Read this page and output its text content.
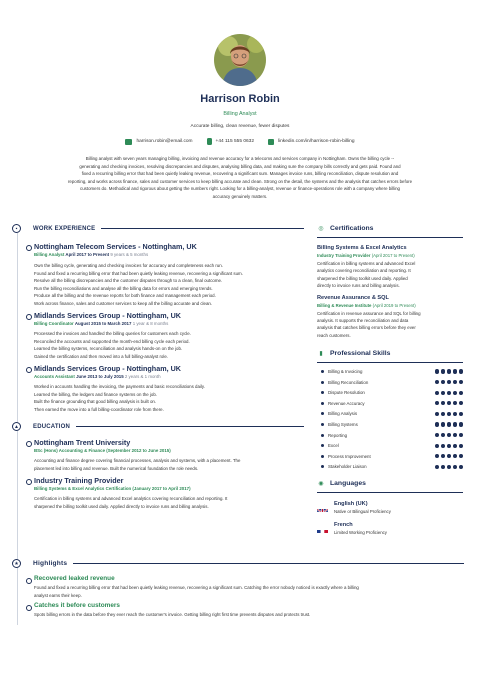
Harrison Robin
Billing Analyst
Accurate billing, clean revenue, fewer disputes
harrison.robin@email.com	+44 115 555 0632	linkedin.com/in/harrison-robin-billing
Billing analyst with seven years managing billing, invoicing and revenue accuracy for a telecoms and services company in Nottingham. Owns the billing cycle --
generating and checking invoices, resolving discrepancies and disputes, analysing billing data, and making sure the company bills correctly and gets paid. Found and
fixed a recurring billing error that had been quietly leaking revenue, recovering a significant sum. Manages invoice runs, billing reconciliation, dispute resolution and
reporting, and works across finance, sales and customer services to keep billing accurate and clean. Strong on the detail, the systems and the analysis that catches errors before
customers do. Methodical and rigorous about getting the numbers right. Looking for a billing-analyst, revenue or finance-operations role with a company where billing
accuracy genuinely matters.
▪	WORK EXPERIENCE
Nottingham Telecom Services - Nottingham, UK
Billing Analyst April 2017 to Present 9 years & 5 months
Own the billing cycle, generating and checking invoices for accuracy and completeness each run.
Found and fixed a recurring billing error that had been quietly leaking revenue, recovering a significant sum.
Resolve all the billing discrepancies and the customer disputes through to a clean, final outcome.
Run the billing reconciliations and analyse all the billing data for errors and emerging trends.
Produce all the billing and the revenue reports for both finance and management each period.
Work across finance, sales and customer services to keep all the billing accurate and clean.
Midlands Services Group - Nottingham, UK
Billing Coordinator August 2015 to March 2017 1 year & 8 months
Processed the invoices and handled the billing queries for customers each cycle.
Reconciled the accounts and supported the month-end billing cycle each period.
Learned the billing systems, reconciliation and analysis hands-on on the job.
Gained the certification and then moved into a full billing-analyst role.
Midlands Services Group - Nottingham, UK
Accounts Assistant June 2013 to July 2015 2 years & 1 month
Worked in accounts handling the invoicing, the payments and basic reconciliations daily.
Learned the billing, the ledgers and finance systems on the job.
Built the finance grounding that good billing analysis is built on.
Then earned the move into a full billing-coordinator role from there.
▲	EDUCATION
Nottingham Trent University
BSc (Hons) Accounting & Finance (September 2012 to June 2015)
Accounting and finance degree covering financial processes, analysis and systems, with a placement. The
placement led into billing and revenue. Built the numerical foundation the role needs.
Industry Training Provider
Billing Systems & Excel Analytics Certification (January 2017 to April 2017)
Certification in billing systems and advanced Excel analytics covering reconciliation and reporting. It
sharpened the billing toolkit used daily. Applied directly to invoice runs and billing analysis.
★	Highlights
Recovered leaked revenue
Found and fixed a recurring billing error that had been quietly leaking revenue, recovering a significant sum. Catching the error nobody noticed is exactly where a billing
analyst earns their keep.
Catches it before customers
Spots billing errors in the data before they ever reach the customer's invoice. Getting billing right first time prevents disputes and protects trust.
◎ Certifications
Billing Systems & Excel Analytics
Industry Training Provider (April 2017 to Present)
Certification in billing systems and advanced Excel
analytics covering reconciliation and reporting. It
sharpened the billing toolkit used daily. Applied
directly to invoice runs and billing analysis.
Revenue Assurance & SQL
Billing & Revenue Institute (April 2019 to Present)
Certification in revenue assurance and SQL for billing
analysis. It supports the reconciliation and data
analysis that catches billing errors before they ever
reach customers.
▮	Professional Skills
Billing & Invoicing
Billing Reconciliation
Dispute Resolution
Revenue Accuracy
Billing Analysis
Billing Systems
Reporting
Excel
Process Improvement
Stakeholder Liaison
◉ Languages
English (UK)
Native or Bilingual Proficiency
French
Limited Working Proficiency
